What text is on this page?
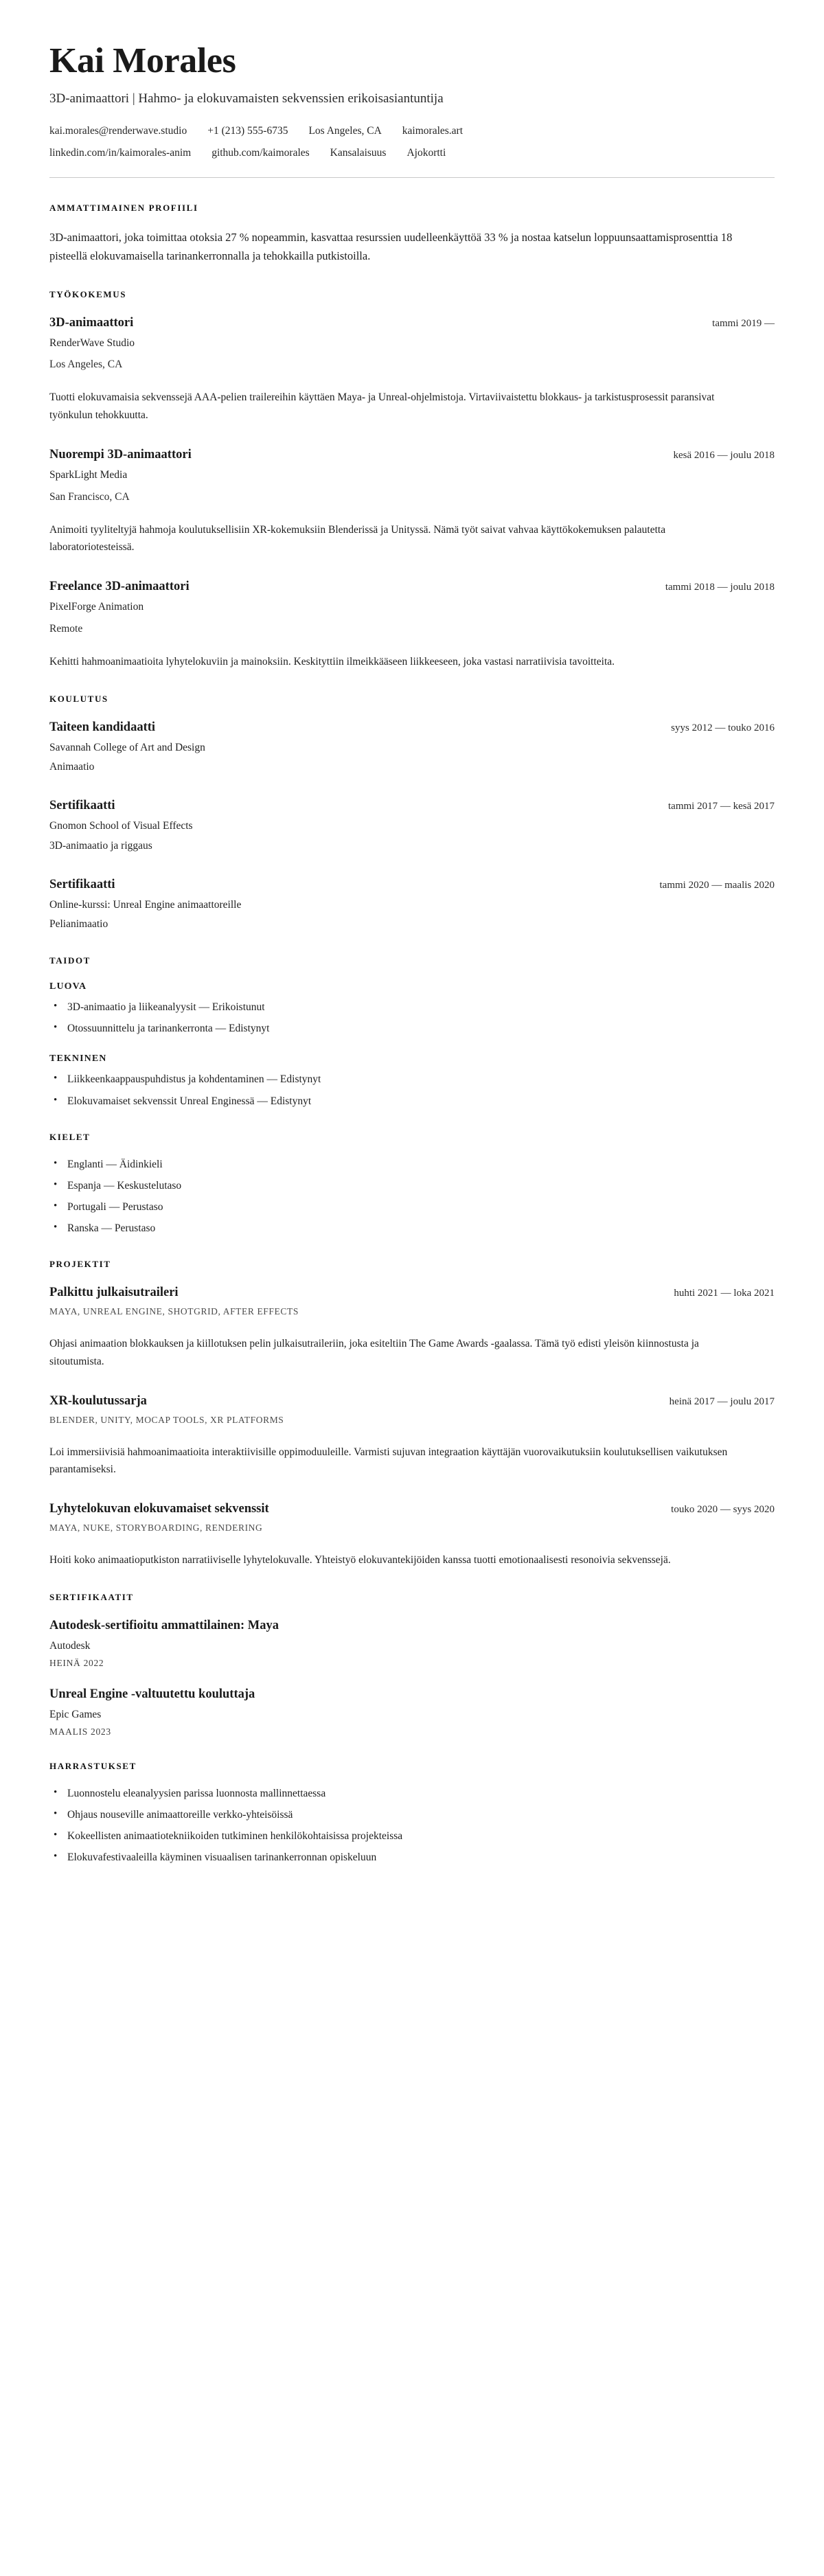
Kai Morales

3D-animaattori | Hahmo- ja elokuvamaisten sekvenssien erikoisasiantuntija

kai.morales@renderwave.studio +1 (213) 555-6735 Los Angeles, CA kaimorales.art
linkedin.com/in/kaimorales-anim github.com/kaimorales Kansalaisuus Ajokortti
AMMATTIMAINEN PROFIILI

3D-animaattori, joka toimittaa otoksia 27 % nopeammin, kasvattaa resurssien uudelleenkäyttöä 33 % ja nostaa katselun loppuunsaattamisprosenttia 18 pisteellä elokuvamaisella tarinankerronnalla ja tehokkailla putkistoilla.

TYÖKOKEMUS
3D-animaattori	tammi 2019 —

RenderWave Studio

Los Angeles, CA

Tuotti elokuvamaisia sekvenssejä AAA-pelien trailereihin käyttäen Maya- ja Unreal-ohjelmistoja. Virtaviivaistettu blokkaus- ja tarkistusprosessit paransivat työnkulun tehokkuutta.

Nuorempi 3D-animaattori	kesä 2016 — joulu 2018

SparkLight Media

San Francisco, CA

Animoiti tyyliteltyjä hahmoja koulutuksellisiin XR-kokemuksiin Blenderissä ja Unityssä. Nämä työt saivat vahvaa käyttökokemuksen palautetta laboratoriotesteissä.

Freelance 3D-animaattori	tammi 2018 — joulu 2018

PixelForge Animation

Remote

Kehitti hahmoanimaatioita lyhytelokuviin ja mainoksiin. Keskityttiin ilmeikkääseen liikkeeseen, joka vastasi narratiivisia tavoitteita.

KOULUTUS
Taiteen kandidaatti	syys 2012 — touko 2016

Savannah College of Art and Design

Animaatio

Sertifikaatti	tammi 2017 — kesä 2017

Gnomon School of Visual Effects

3D-animaatio ja riggaus

Sertifikaatti	tammi 2020 — maalis 2020

Online-kurssi: Unreal Engine animaattoreille

Pelianimaatio

TAIDOT
LUOVA
• 3D-animaatio ja liikeanalyysit — Erikoistunut
• Otossuunnittelu ja tarinankerronta — Edistynyt
TEKNINEN
• Liikkeenkaappauspuhdistus ja kohdentaminen — Edistynyt
• Elokuvamaiset sekvenssit Unreal Enginessä — Edistynyt
KIELET
• Englanti — Äidinkieli
• Espanja — Keskustelutaso
• Portugali — Perustaso
• Ranska — Perustaso
PROJEKTIT
Palkittu julkaisutraileri	huhti 2021 — loka 2021

MAYA, UNREAL ENGINE, SHOTGRID, AFTER EFFECTS

Ohjasi animaation blokkauksen ja kiillotuksen pelin julkaisutraileriin, joka esiteltiin The Game Awards -gaalassa. Tämä työ edisti yleisön kiinnostusta ja sitoutumista.

XR-koulutussarja	heinä 2017 — joulu 2017

BLENDER, UNITY, MOCAP TOOLS, XR PLATFORMS

Loi immersiivisiä hahmoanimaatioita interaktiivisille oppimoduuleille. Varmisti sujuvan integraation käyttäjän vuorovaikutuksiin koulutuksellisen vaikutuksen parantamiseksi.

Lyhytelokuvan elokuvamaiset sekvenssit	touko 2020 — syys 2020

MAYA, NUKE, STORYBOARDING, RENDERING

Hoiti koko animaatioputkiston narratiiviselle lyhytelokuvalle. Yhteistyö elokuvantekijöiden kanssa tuotti emotionaalisesti resonoivia sekvenssejä.

SERTIFIKAATIT
Autodesk-sertifioitu ammattilainen: Maya

Autodesk

HEINÄ 2022

Unreal Engine -valtuutettu kouluttaja

Epic Games

MAALIS 2023

HARRASTUKSET
• Luonnostelu eleanalyysien parissa luonnosta mallinnettaessa
• Ohjaus nouseville animaattoreille verkko-yhteisöissä
• Kokeellisten animaatiotekniikoiden tutkiminen henkilökohtaisissa projekteissa
• Elokuvafestivaaleilla käyminen visuaalisen tarinankerronnan opiskeluun
